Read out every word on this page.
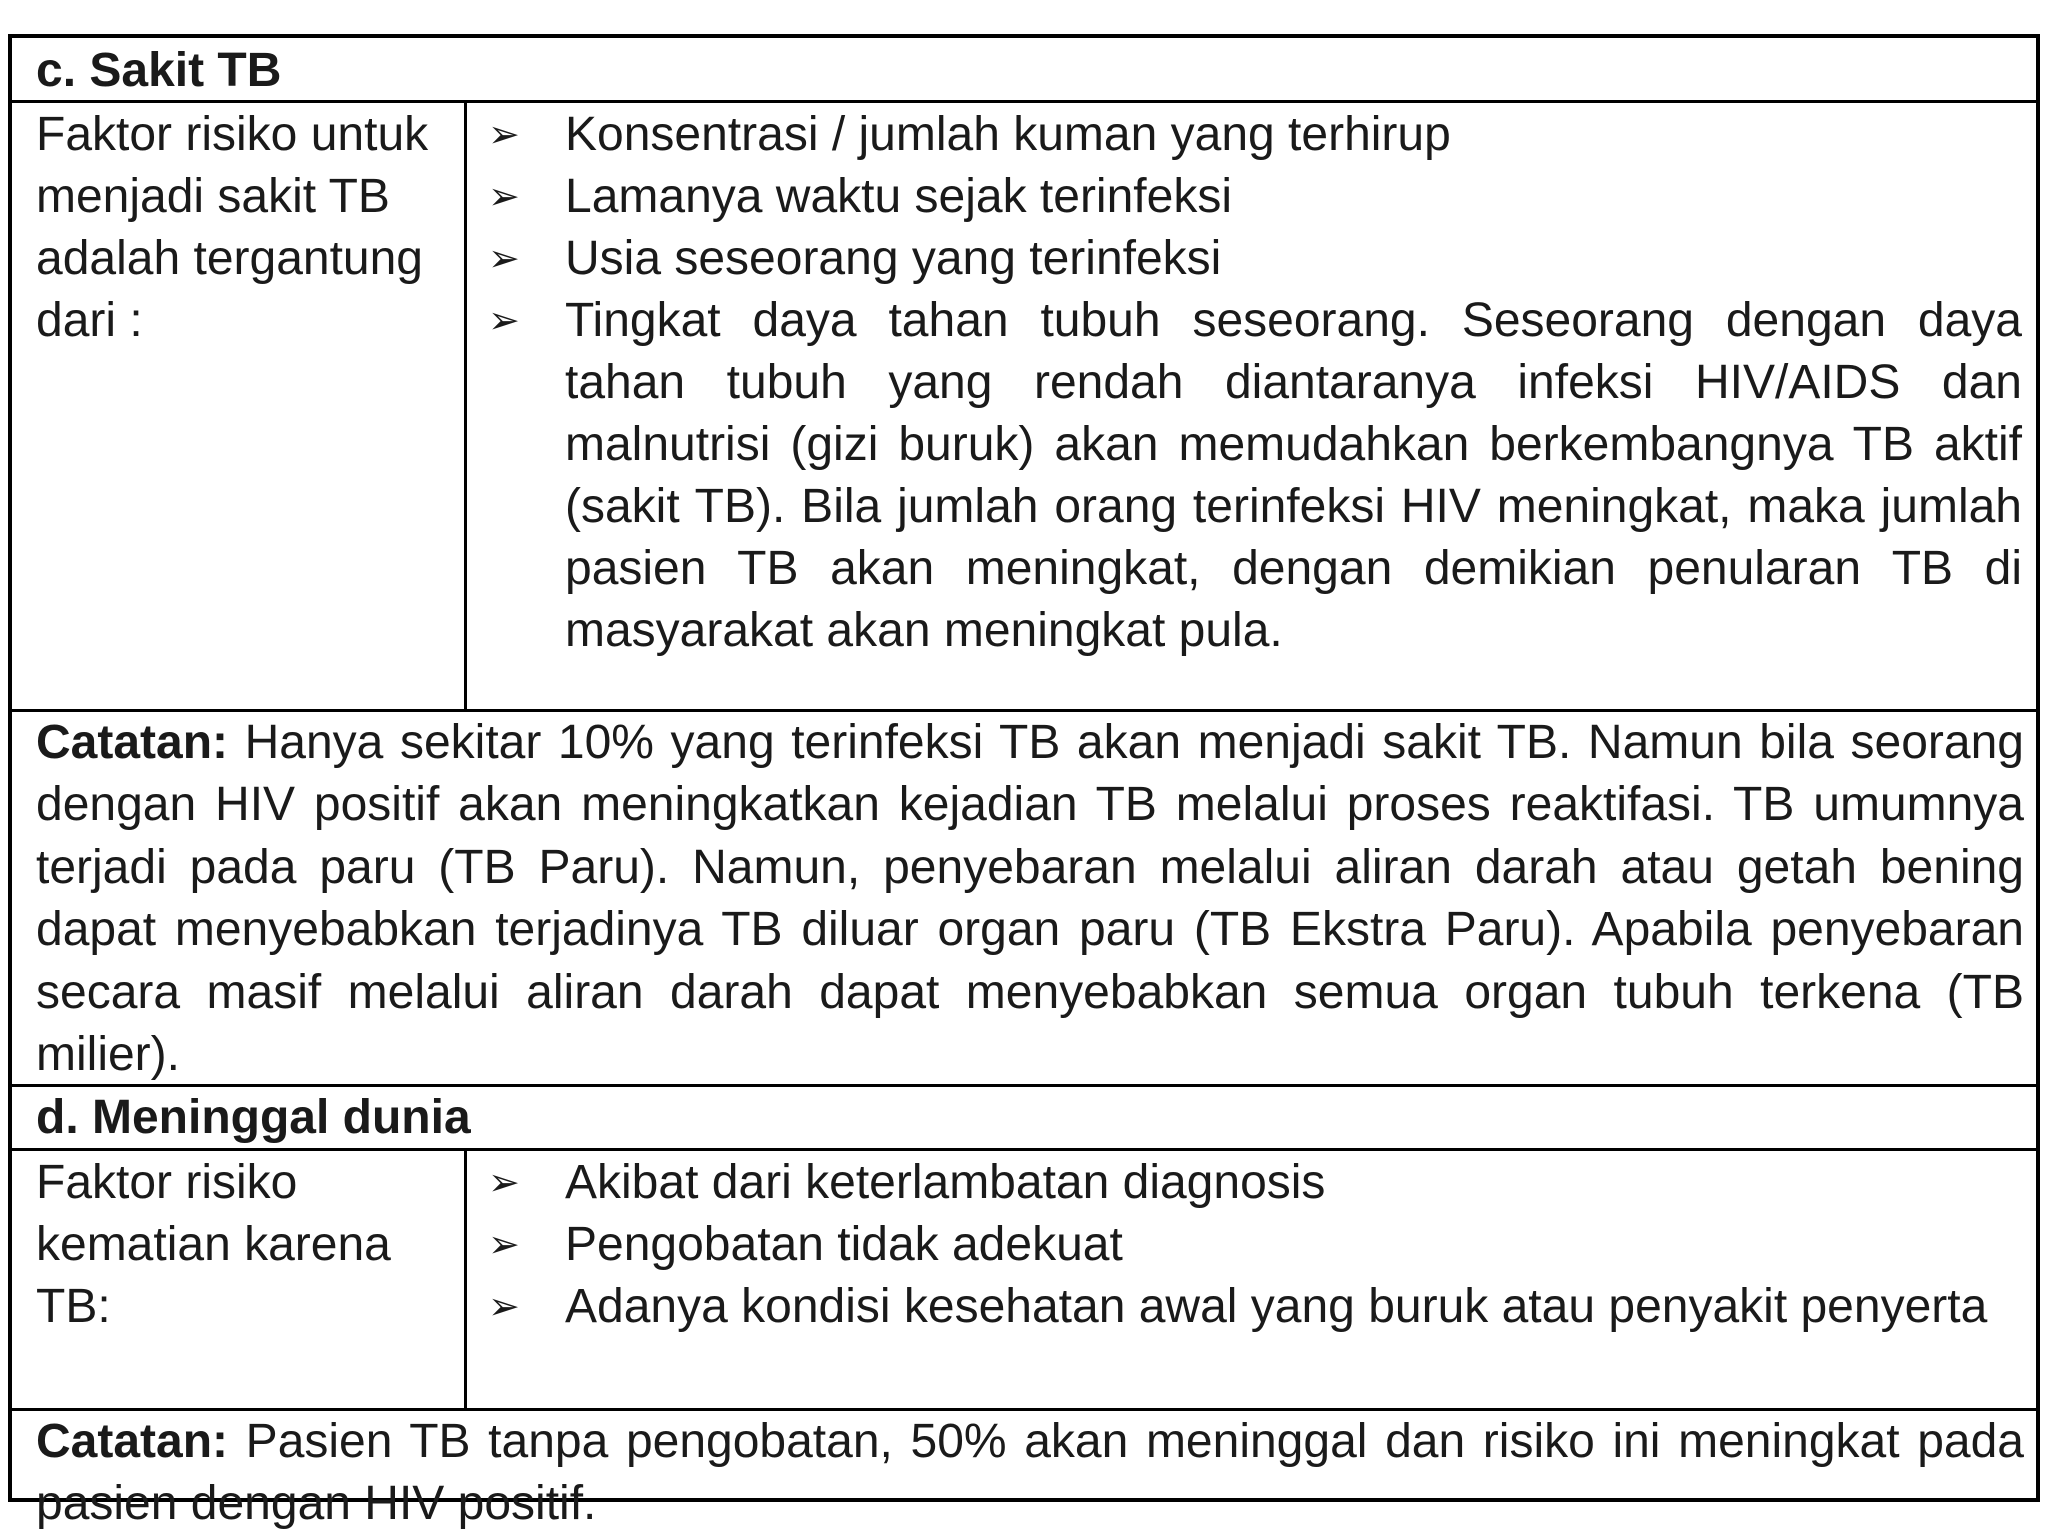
c. Sakit TB
Faktor risiko untuk menjadi sakit TB adalah tergantung dari :
➢ Konsentrasi / jumlah kuman yang terhirup
➢ Lamanya waktu sejak terinfeksi
➢ Usia seseorang yang terinfeksi
➢ Tingkat daya tahan tubuh seseorang. Seseorang dengan daya tahan tubuh yang rendah diantaranya infeksi HIV/AIDS dan malnutrisi (gizi buruk) akan memudahkan berkembangnya TB aktif (sakit TB). Bila jumlah orang terinfeksi HIV meningkat, maka jumlah pasien TB akan meningkat, dengan demikian penularan TB di masyarakat akan meningkat pula.
Catatan: Hanya sekitar 10% yang terinfeksi TB akan menjadi sakit TB. Namun bila seorang dengan HIV positif akan meningkatkan kejadian TB melalui proses reaktifasi. TB umumnya terjadi pada paru (TB Paru). Namun, penyebaran melalui aliran darah atau getah bening dapat menyebabkan terjadinya TB diluar organ paru (TB Ekstra Paru). Apabila penyebaran secara masif melalui aliran darah dapat menyebabkan semua organ tubuh terkena (TB milier).
d. Meninggal dunia
Faktor risiko kematian karena TB:
➢ Akibat dari keterlambatan diagnosis
➢ Pengobatan tidak adekuat
➢ Adanya kondisi kesehatan awal yang buruk atau penyakit penyerta
Catatan: Pasien TB tanpa pengobatan, 50% akan meninggal dan risiko ini meningkat pada pasien dengan HIV positif.
